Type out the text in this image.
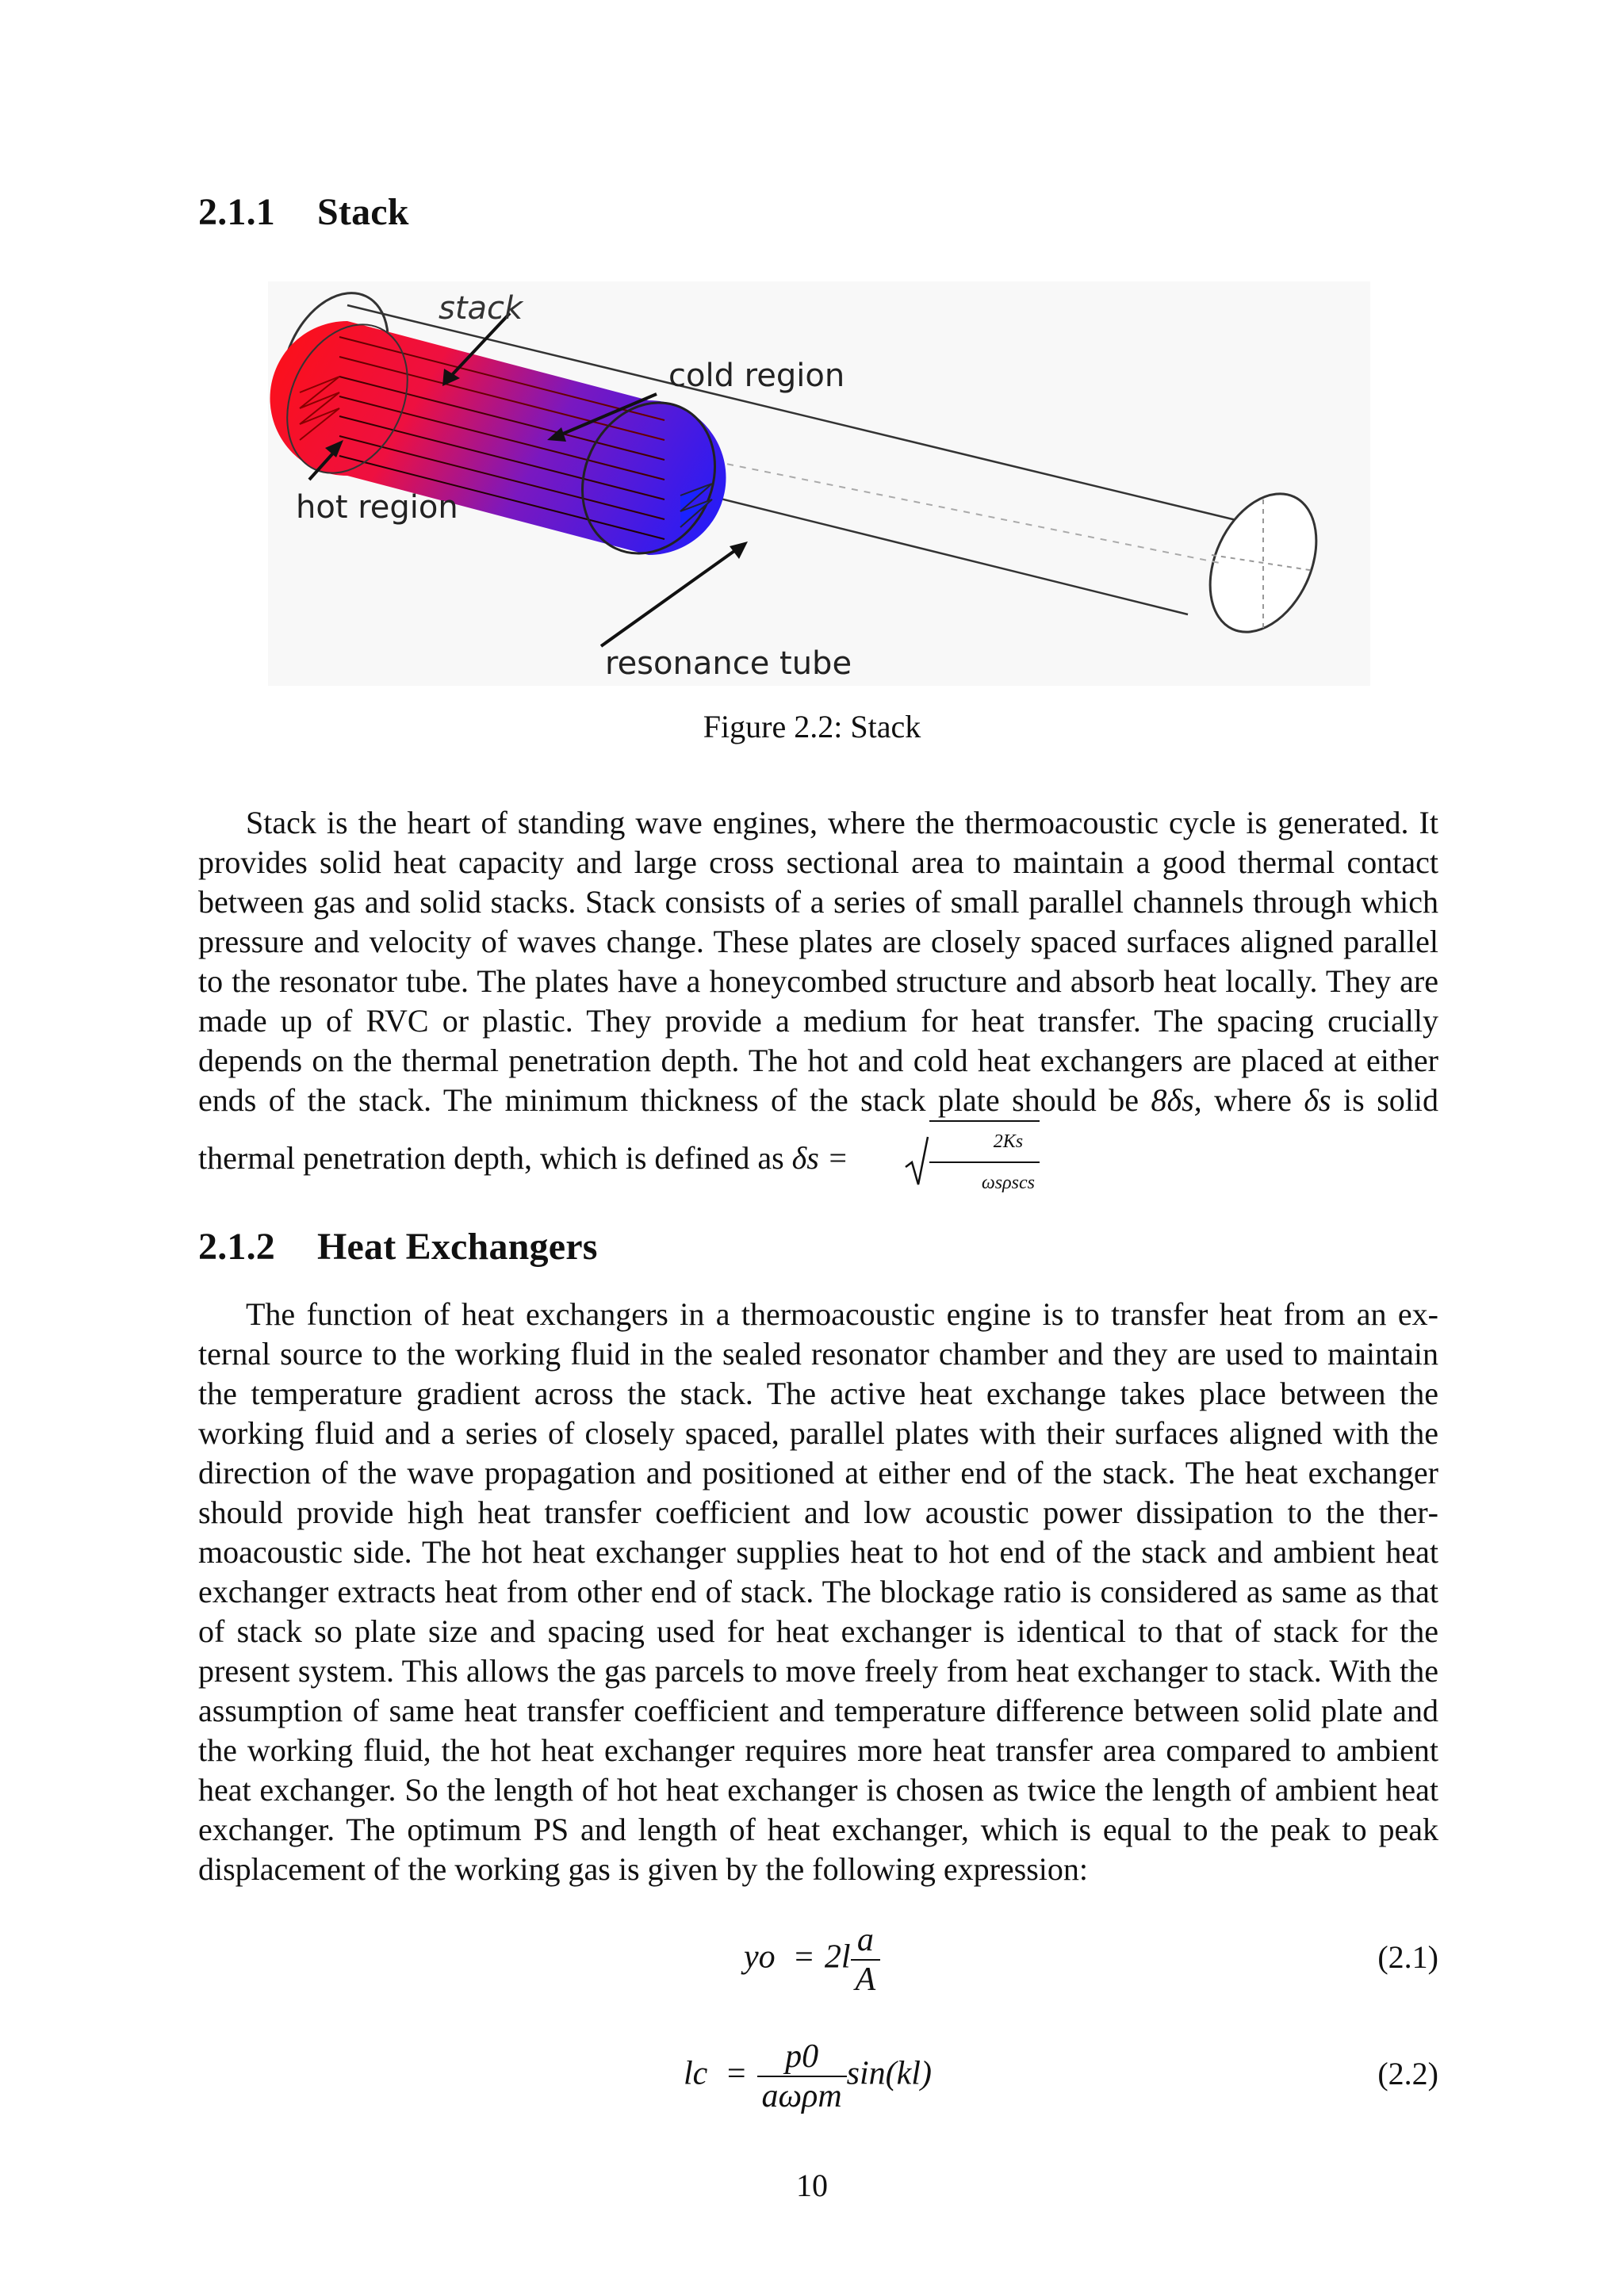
2.1.1 Stack
stack
cold region
hot region
resonance tube
Figure 2.2: Stack

Stack is the heart of standing wave engines, where the thermoacoustic cycle is generated. It provides solid heat capacity and large cross sectional area to maintain a good thermal contact between gas and solid stacks. Stack consists of a series of small parallel channels through which pressure and velocity of waves change. These plates are closely spaced surfaces aligned parallel to the resonator tube. The plates have a honeycombed structure and absorb heat locally. They are made up of RVC or plastic. They provide a medium for heat transfer. The spacing crucially depends on the thermal penetration depth. The hot and cold heat exchangers are placed at either ends of the stack. The minimum thickness of the stack plate should be 8δs, where δs is solid thermal penetration depth, which is defined as δs =	$\frac{2Ks}{\text{ωsρscs}}$

2.1.2 Heat Exchangers

The function of heat exchangers in a thermoacoustic engine is to transfer heat from an external source to the working fluid in the sealed resonator chamber and they are used to maintain the temperature gradient across the stack. The active heat exchange takes place between the working fluid and a series of closely spaced, parallel plates with their surfaces aligned with the direction of the wave propagation and positioned at either end of the stack. The heat exchanger should provide high heat transfer coefficient and low acoustic power dissipation to the thermoacoustic side. The hot heat exchanger supplies heat to hot end of the stack and ambient heat exchanger extracts heat from other end of stack. The blockage ratio is considered as same as that of stack so plate size and spacing used for heat exchanger is identical to that of stack for the present system. This allows the gas parcels to move freely from heat exchanger to stack. With the assumption of same heat transfer coefficient and temperature difference between solid plate and the working fluid, the hot heat exchanger requires more heat transfer area compared to ambient heat exchanger. So the length of hot heat exchanger is chosen as twice the length of ambient heat exchanger. The optimum PS and length of heat exchanger, which is equal to the peak to peak displacement of the working gas is given by the following expression:

yo = $2l \frac{a}{A}$	(2.1)
lc = $\frac{p0}{\text{aωρm}} \sin(kl)$	(2.2)
10
